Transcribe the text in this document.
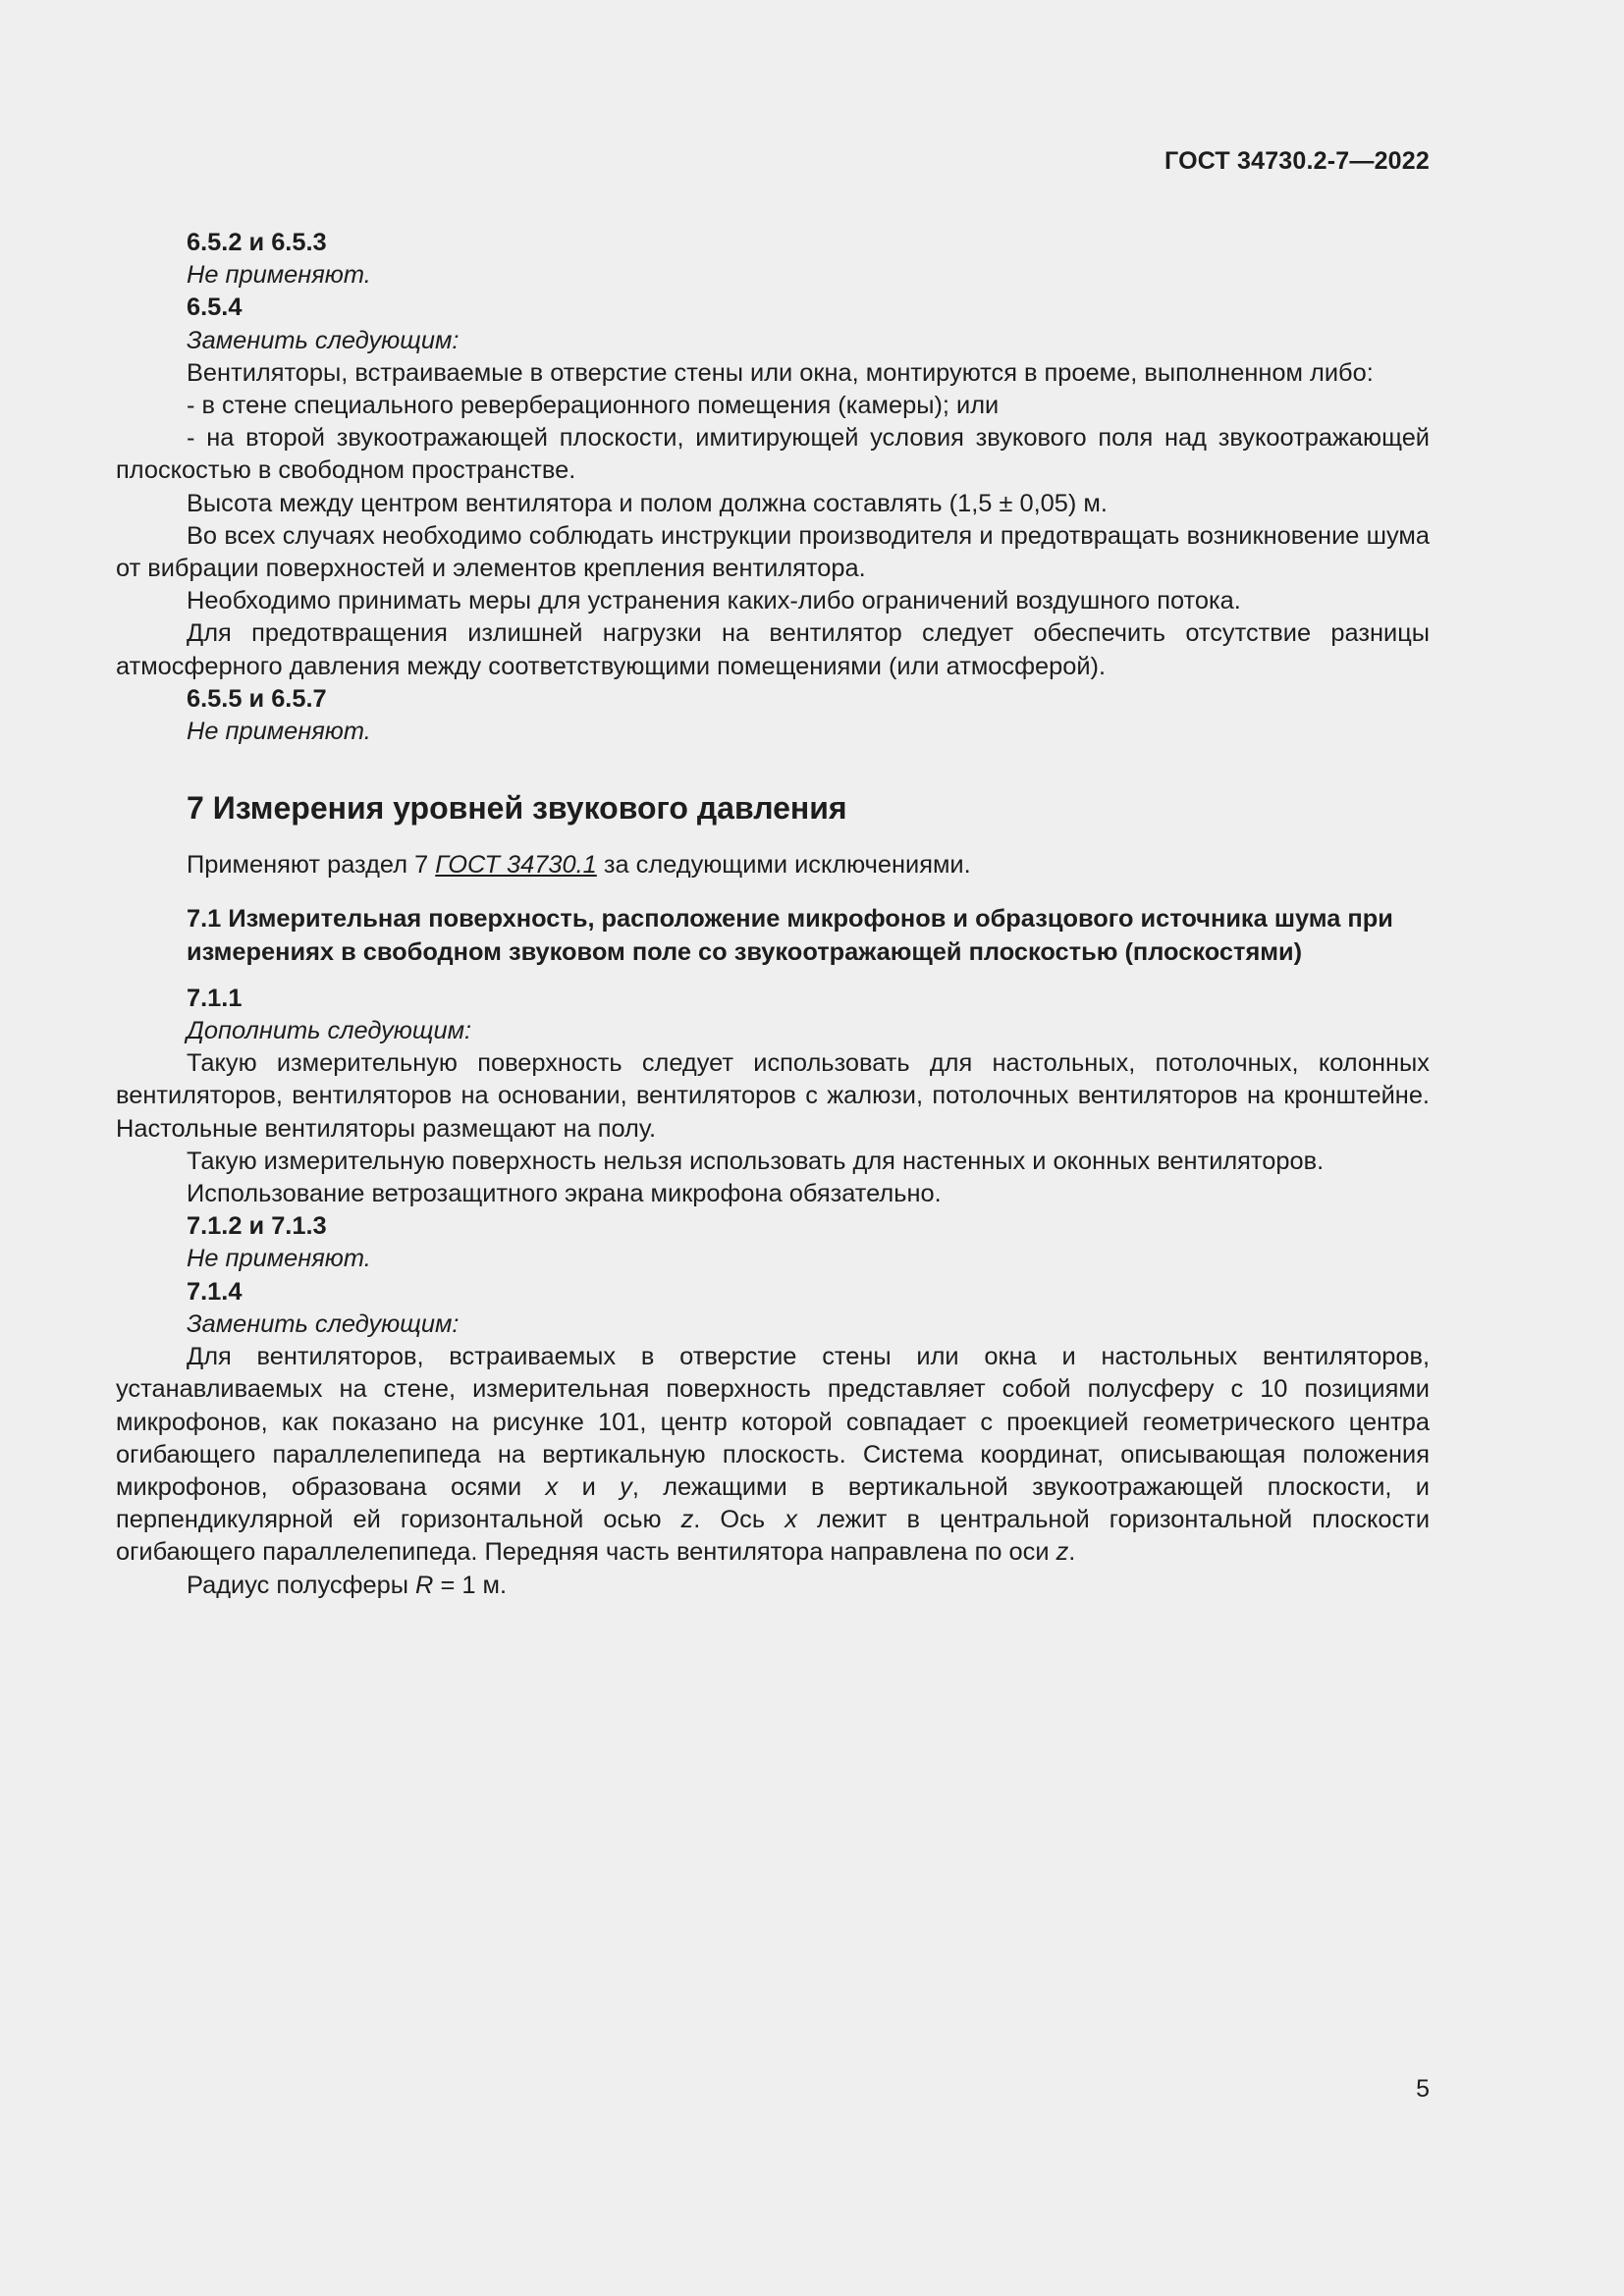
ГОСТ 34730.2-7—2022

6.5.2 и 6.5.3

Не применяют.

6.5.4

Заменить следующим:

Вентиляторы, встраиваемые в отверстие стены или окна, монтируются в проеме, выполненном либо:

- в стене специального реверберационного помещения (камеры); или

- на второй звукоотражающей плоскости, имитирующей условия звукового поля над звукоотражающей плоскостью в свободном пространстве.

Высота между центром вентилятора и полом должна составлять (1,5 ± 0,05) м.

Во всех случаях необходимо соблюдать инструкции производителя и предотвращать возникновение шума от вибрации поверхностей и элементов крепления вентилятора.

Необходимо принимать меры для устранения каких-либо ограничений воздушного потока.

Для предотвращения излишней нагрузки на вентилятор следует обеспечить отсутствие разницы атмосферного давления между соответствующими помещениями (или атмосферой).

6.5.5 и 6.5.7

Не применяют.

7 Измерения уровней звукового давления

Применяют раздел 7 ГОСТ 34730.1 за следующими исключениями.

7.1 Измерительная поверхность, расположение микрофонов и образцового источника шума при измерениях в свободном звуковом поле со звукоотражающей плоскостью (плоскостями)

7.1.1

Дополнить следующим:

Такую измерительную поверхность следует использовать для настольных, потолочных, колонных вентиляторов, вентиляторов на основании, вентиляторов с жалюзи, потолочных вентиляторов на кронштейне. Настольные вентиляторы размещают на полу.

Такую измерительную поверхность нельзя использовать для настенных и оконных вентиляторов.

Использование ветрозащитного экрана микрофона обязательно.

7.1.2 и 7.1.3

Не применяют.

7.1.4

Заменить следующим:

Для вентиляторов, встраиваемых в отверстие стены или окна и настольных вентиляторов, устанавливаемых на стене, измерительная поверхность представляет собой полусферу с 10 позициями микрофонов, как показано на рисунке 101, центр которой совпадает с проекцией геометрического центра огибающего параллелепипеда на вертикальную плоскость. Система координат, описывающая положения микрофонов, образована осями x и y, лежащими в вертикальной звукоотражающей плоскости, и перпендикулярной ей горизонтальной осью z. Ось x лежит в центральной горизонтальной плоскости огибающего параллелепипеда. Передняя часть вентилятора направлена по оси z.

Радиус полусферы R = 1 м.

5
